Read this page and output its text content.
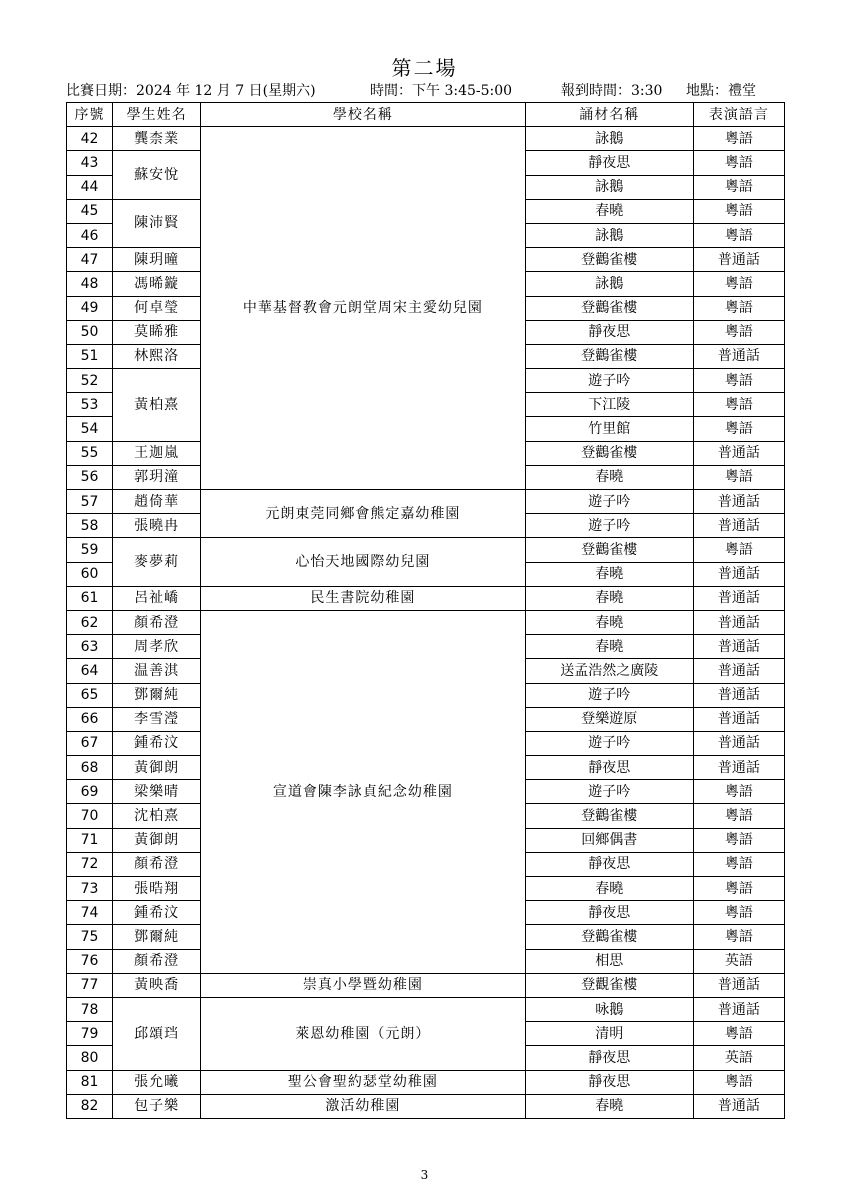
第二場
比賽日期：2024 年 12 月 7 日(星期六)	時間：下午 3:45-5:00	報到時間：3:30 地點：禮堂
序號	學生姓名	學校名稱	誦材名稱	表演語言
42	龔柰業	中華基督教會元朗堂周宋主愛幼兒園	詠鵝	粵語
43	蘇安悅		靜夜思	粵語
44			詠鵝	粵語
45	陳沛賢		春曉	粵語
46			詠鵝	粵語
47	陳玥曈		登鸛雀樓	普通話
48	馮晞鏇		詠鵝	粵語
49	何卓瑩		登鸛雀樓	粵語
50	莫睎雅		靜夜思	粵語
51	林熙洛		登鸛雀樓	普通話
52	黃柏熹		遊子吟	粵語
53			下江陵	粵語
54			竹里館	粵語
55	王迦嵐		登鸛雀樓	普通話
56	郭玥潼		春曉	粵語
57	趙倚華	元朗東莞同鄉會熊定嘉幼稚園	遊子吟	普通話
58	張曉冉		遊子吟	普通話
59	麥夢莉	心怡天地國際幼兒園	登鸛雀樓	粵語
60			春曉	普通話
61	呂祉嶠	民生書院幼稚園	春曉	普通話
62	顏希澄	宣道會陳李詠貞紀念幼稚園	春曉	普通話
63	周孝欣		春曉	普通話
64	温善淇		送孟浩然之廣陵	普通話
65	鄧爾純		遊子吟	普通話
66	李雪瀅		登樂遊原	普通話
67	鍾希汶		遊子吟	普通話
68	黃御朗		靜夜思	普通話
69	梁樂晴		遊子吟	粵語
70	沈柏熹		登鸛雀樓	粵語
71	黃御朗		回鄉偶書	粵語
72	顏希澄		靜夜思	粵語
73	張晧翔		春曉	粵語
74	鍾希汶		靜夜思	粵語
75	鄧爾純		登鸛雀樓	粵語
76	顏希澄		相思	英語
77	黃映喬	崇真小學暨幼稚園	登觀雀樓	普通話
78	邱頌珰	萊恩幼稚園（元朗）	咏鵝	普通話
79			清明	粵語
80			靜夜思	英語
81	張允曦	聖公會聖約瑟堂幼稚園	靜夜思	粵語
82	包子樂	激活幼稚園	春曉	普通話
3
